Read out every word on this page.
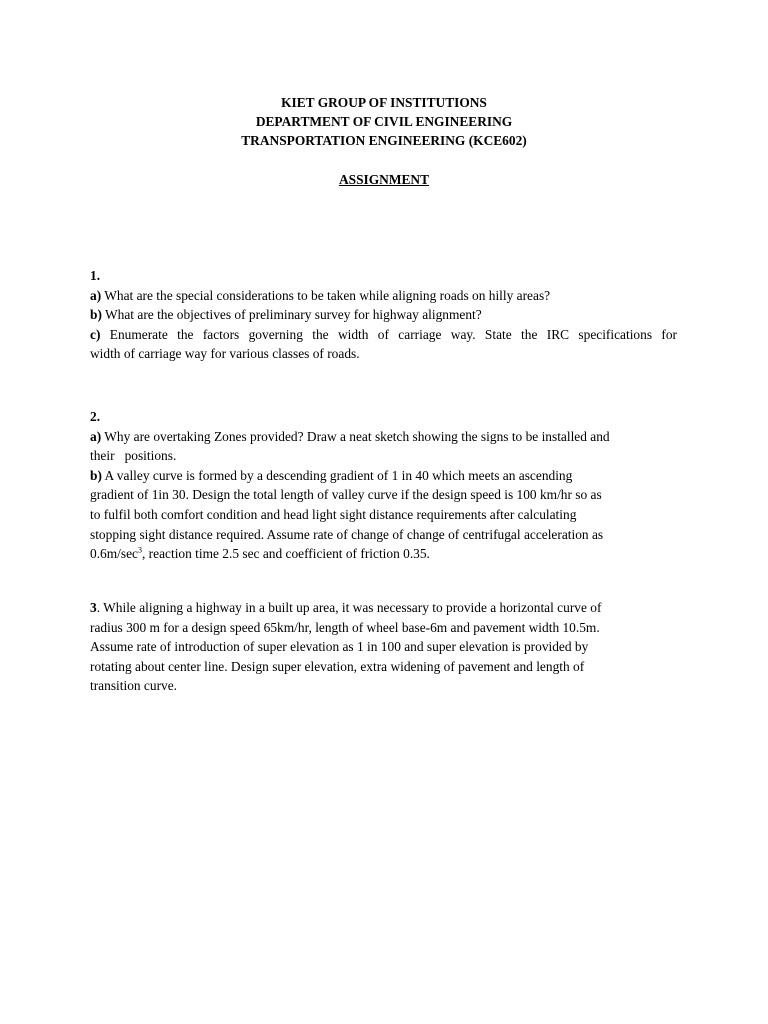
KIET GROUP OF INSTITUTIONS
DEPARTMENT OF CIVIL ENGINEERING
TRANSPORTATION ENGINEERING (KCE602)
ASSIGNMENT
1.
a) What are the special considerations to be taken while aligning roads on hilly areas?
b) What are the objectives of preliminary survey for highway alignment?
c) Enumerate the factors governing the width of carriage way. State the IRC specifications for
width of carriage way for various classes of roads.
2.
a) Why are overtaking Zones provided? Draw a neat sketch showing the signs to be installed and
their   positions.
b) A valley curve is formed by a descending gradient of 1 in 40 which meets an ascending
gradient of 1in 30. Design the total length of valley curve if the design speed is 100 km/hr so as
to fulfil both comfort condition and head light sight distance requirements after calculating
stopping sight distance required. Assume rate of change of change of centrifugal acceleration as
$0.6m/\sec^3$, reaction time 2.5 sec and coefficient of friction 0.35.
3. While aligning a highway in a built up area, it was necessary to provide a horizontal curve of
radius 300 m for a design speed 65km/hr, length of wheel base-6m and pavement width 10.5m.
Assume rate of introduction of super elevation as 1 in 100 and super elevation is provided by
rotating about center line. Design super elevation, extra widening of pavement and length of
transition curve.
